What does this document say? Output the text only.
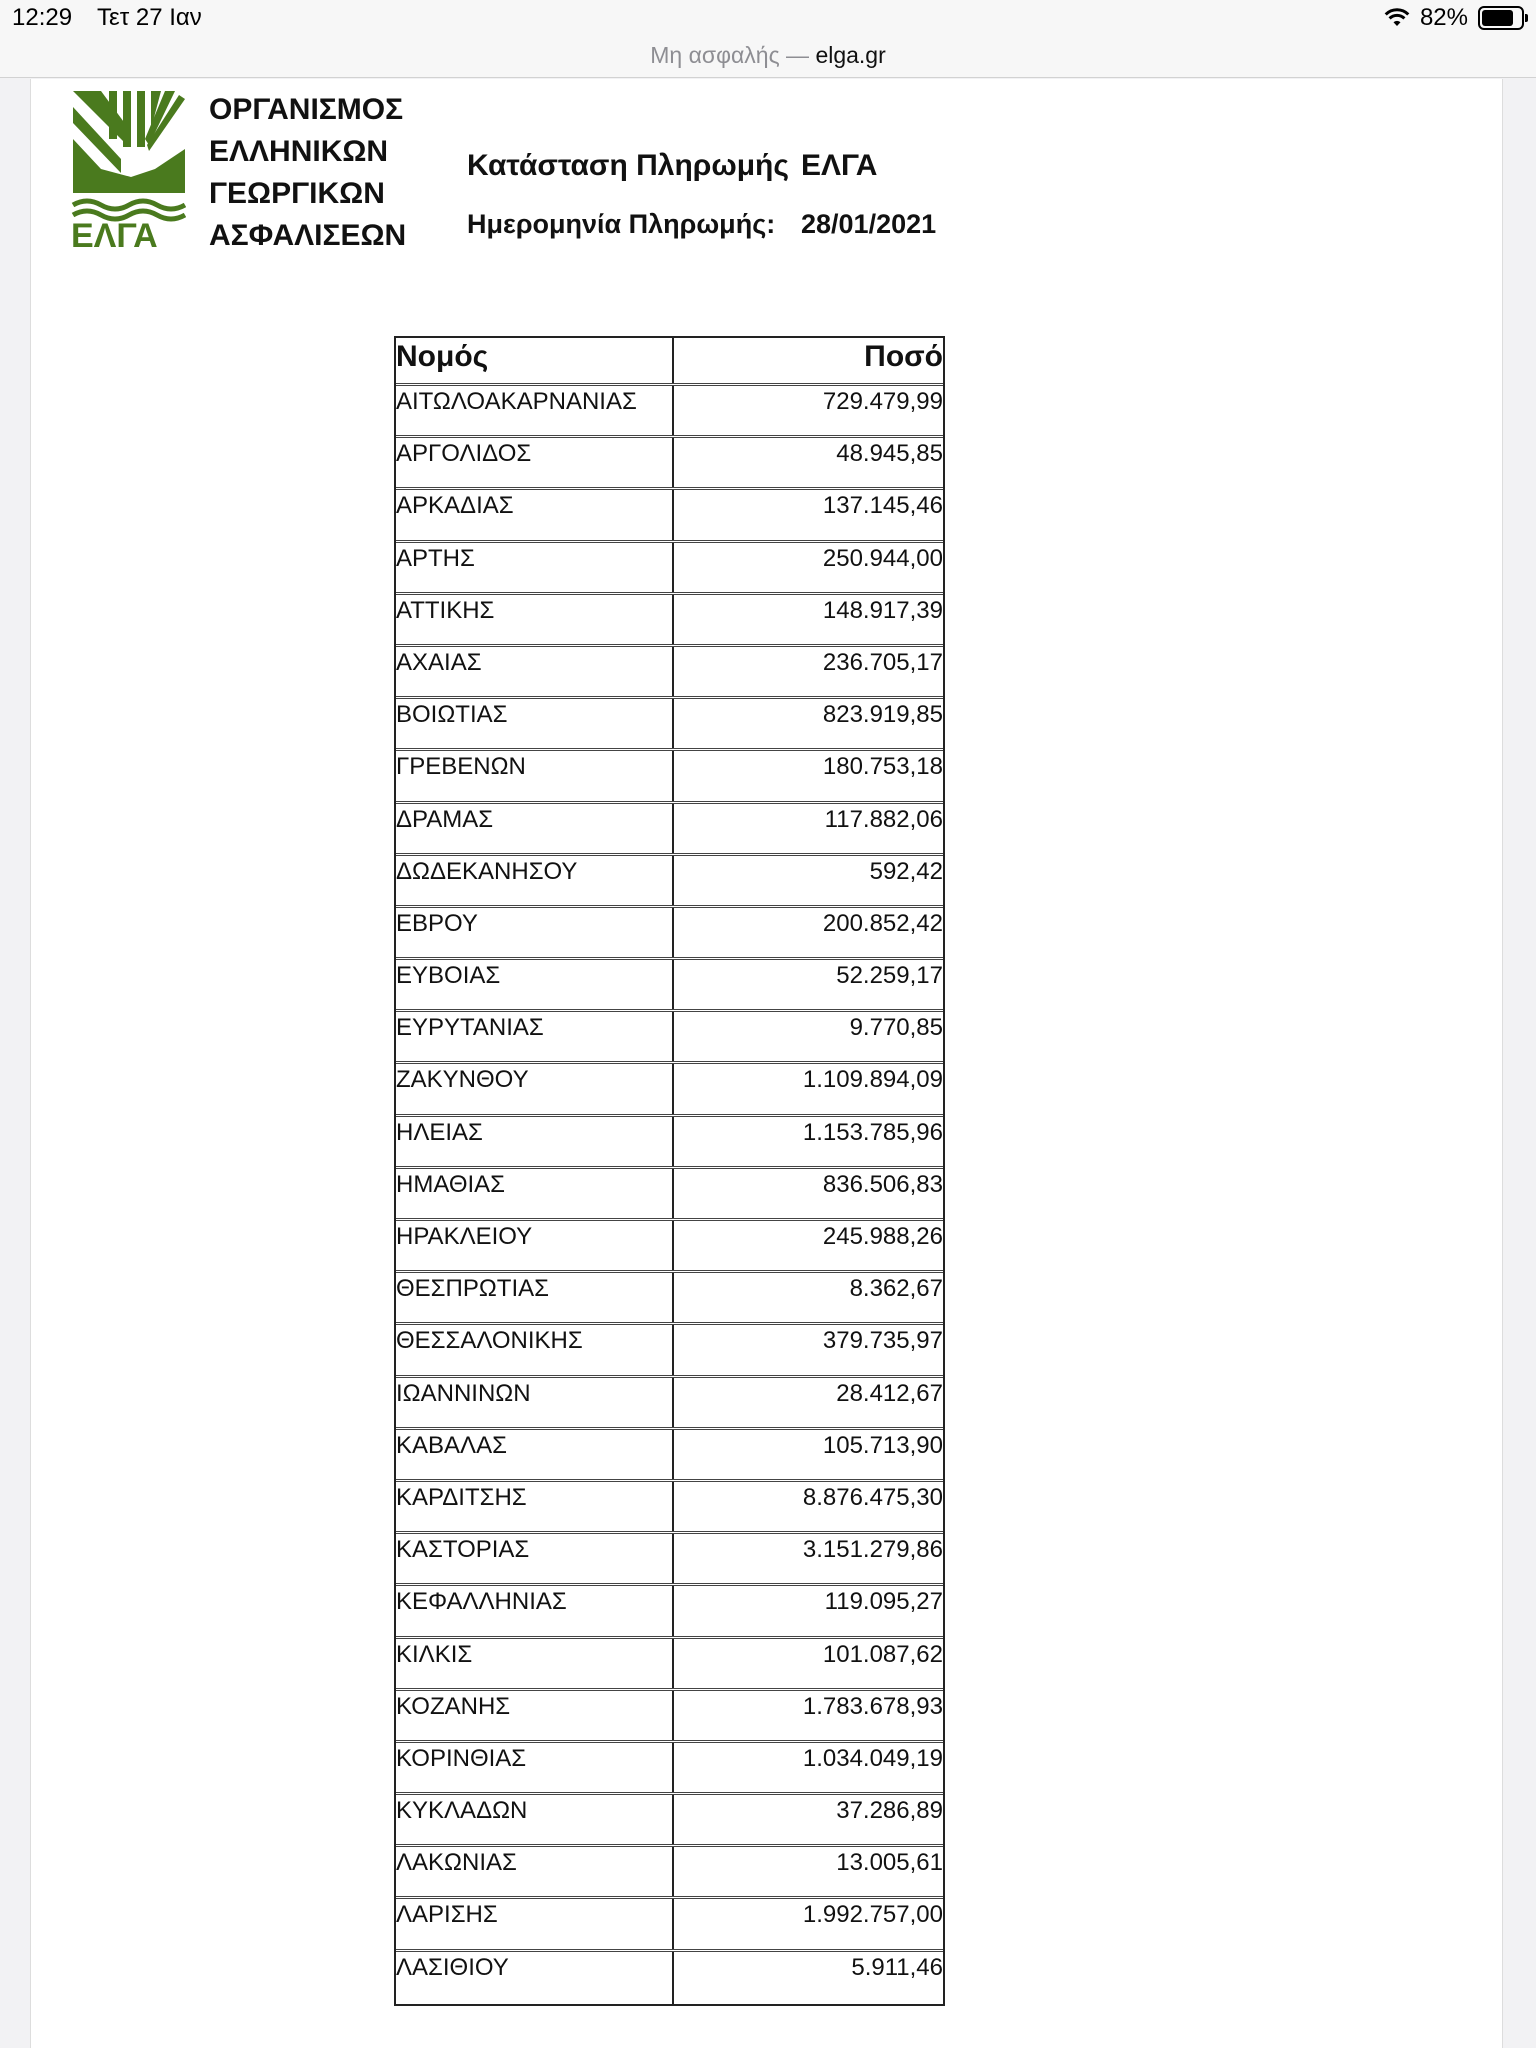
12:29 Τετ 27 Ιαν	82%
Μη ασφαλής — elga.gr
ΕΛΓΑ
ΟΡΓΑΝΙΣΜΟΣ
ΕΛΛΗΝΙΚΩΝ
ΓΕΩΡΓΙΚΩΝ
ΑΣΦΑΛΙΣΕΩΝ
Κατάσταση Πληρωμής ΕΛΓΑ
Ημερομηνία Πληρωμής: 28/01/2021
Νομός	Ποσό
ΑΙΤΩΛΟΑΚΑΡΝΑΝΙΑΣ	729.479,99
ΑΡΓΟΛΙΔΟΣ	48.945,85
ΑΡΚΑΔΙΑΣ	137.145,46
ΑΡΤΗΣ	250.944,00
ΑΤΤΙΚΗΣ	148.917,39
ΑΧΑΙΑΣ	236.705,17
ΒΟΙΩΤΙΑΣ	823.919,85
ΓΡΕΒΕΝΩΝ	180.753,18
ΔΡΑΜΑΣ	117.882,06
ΔΩΔΕΚΑΝΗΣΟΥ	592,42
ΕΒΡΟΥ	200.852,42
ΕΥΒΟΙΑΣ	52.259,17
ΕΥΡΥΤΑΝΙΑΣ	9.770,85
ΖΑΚΥΝΘΟΥ	1.109.894,09
ΗΛΕΙΑΣ	1.153.785,96
ΗΜΑΘΙΑΣ	836.506,83
ΗΡΑΚΛΕΙΟΥ	245.988,26
ΘΕΣΠΡΩΤΙΑΣ	8.362,67
ΘΕΣΣΑΛΟΝΙΚΗΣ	379.735,97
ΙΩΑΝΝΙΝΩΝ	28.412,67
ΚΑΒΑΛΑΣ	105.713,90
ΚΑΡΔΙΤΣΗΣ	8.876.475,30
ΚΑΣΤΟΡΙΑΣ	3.151.279,86
ΚΕΦΑΛΛΗΝΙΑΣ	119.095,27
ΚΙΛΚΙΣ	101.087,62
ΚΟΖΑΝΗΣ	1.783.678,93
ΚΟΡΙΝΘΙΑΣ	1.034.049,19
ΚΥΚΛΑΔΩΝ	37.286,89
ΛΑΚΩΝΙΑΣ	13.005,61
ΛΑΡΙΣΗΣ	1.992.757,00
ΛΑΣΙΘΙΟΥ	5.911,46
